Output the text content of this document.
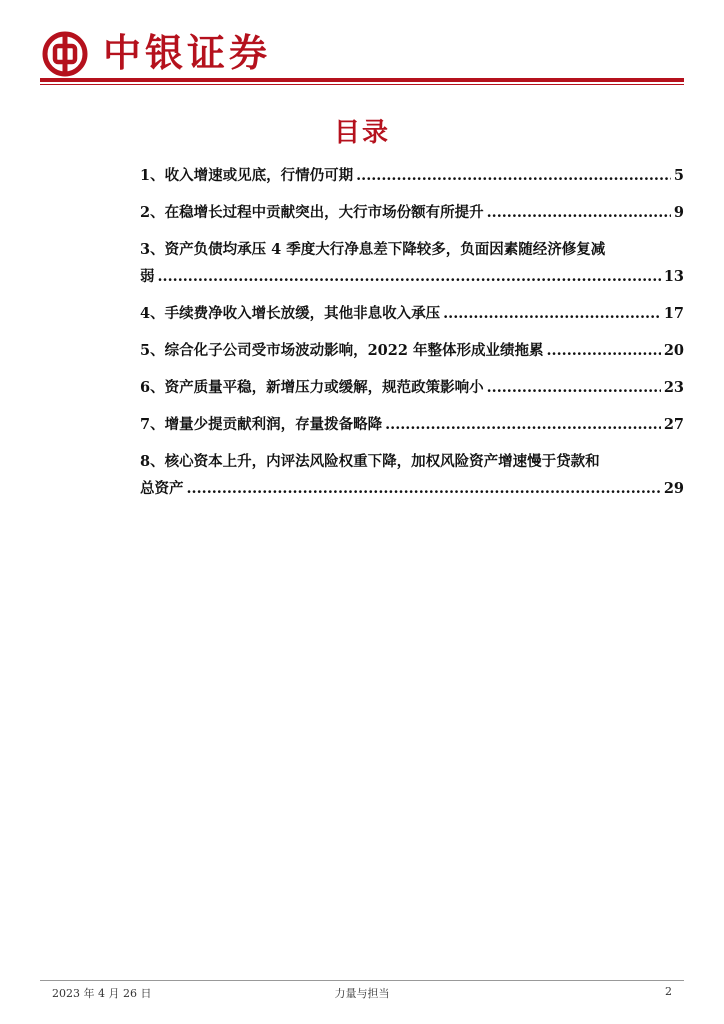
中银证券
目录
1、收入增速或见底，行情仍可期 .....	5
2、在稳增长过程中贡献突出，大行市场份额有所提升 .....	9
3、资产负债均承压 4 季度大行净息差下降较多，负面因素随经济修复减
弱 .....	13
4、手续费净收入增长放缓，其他非息收入承压 .....	17
5、综合化子公司受市场波动影响，2022 年整体形成业绩拖累 .....	20
6、资产质量平稳，新增压力或缓解，规范政策影响小 .....	23
7、增量少提贡献利润，存量拨备略降 .....	27
8、核心资本上升，内评法风险权重下降，加权风险资产增速慢于贷款和
总资产 .....	29
2023 年 4 月 26 日	力量与担当	2
